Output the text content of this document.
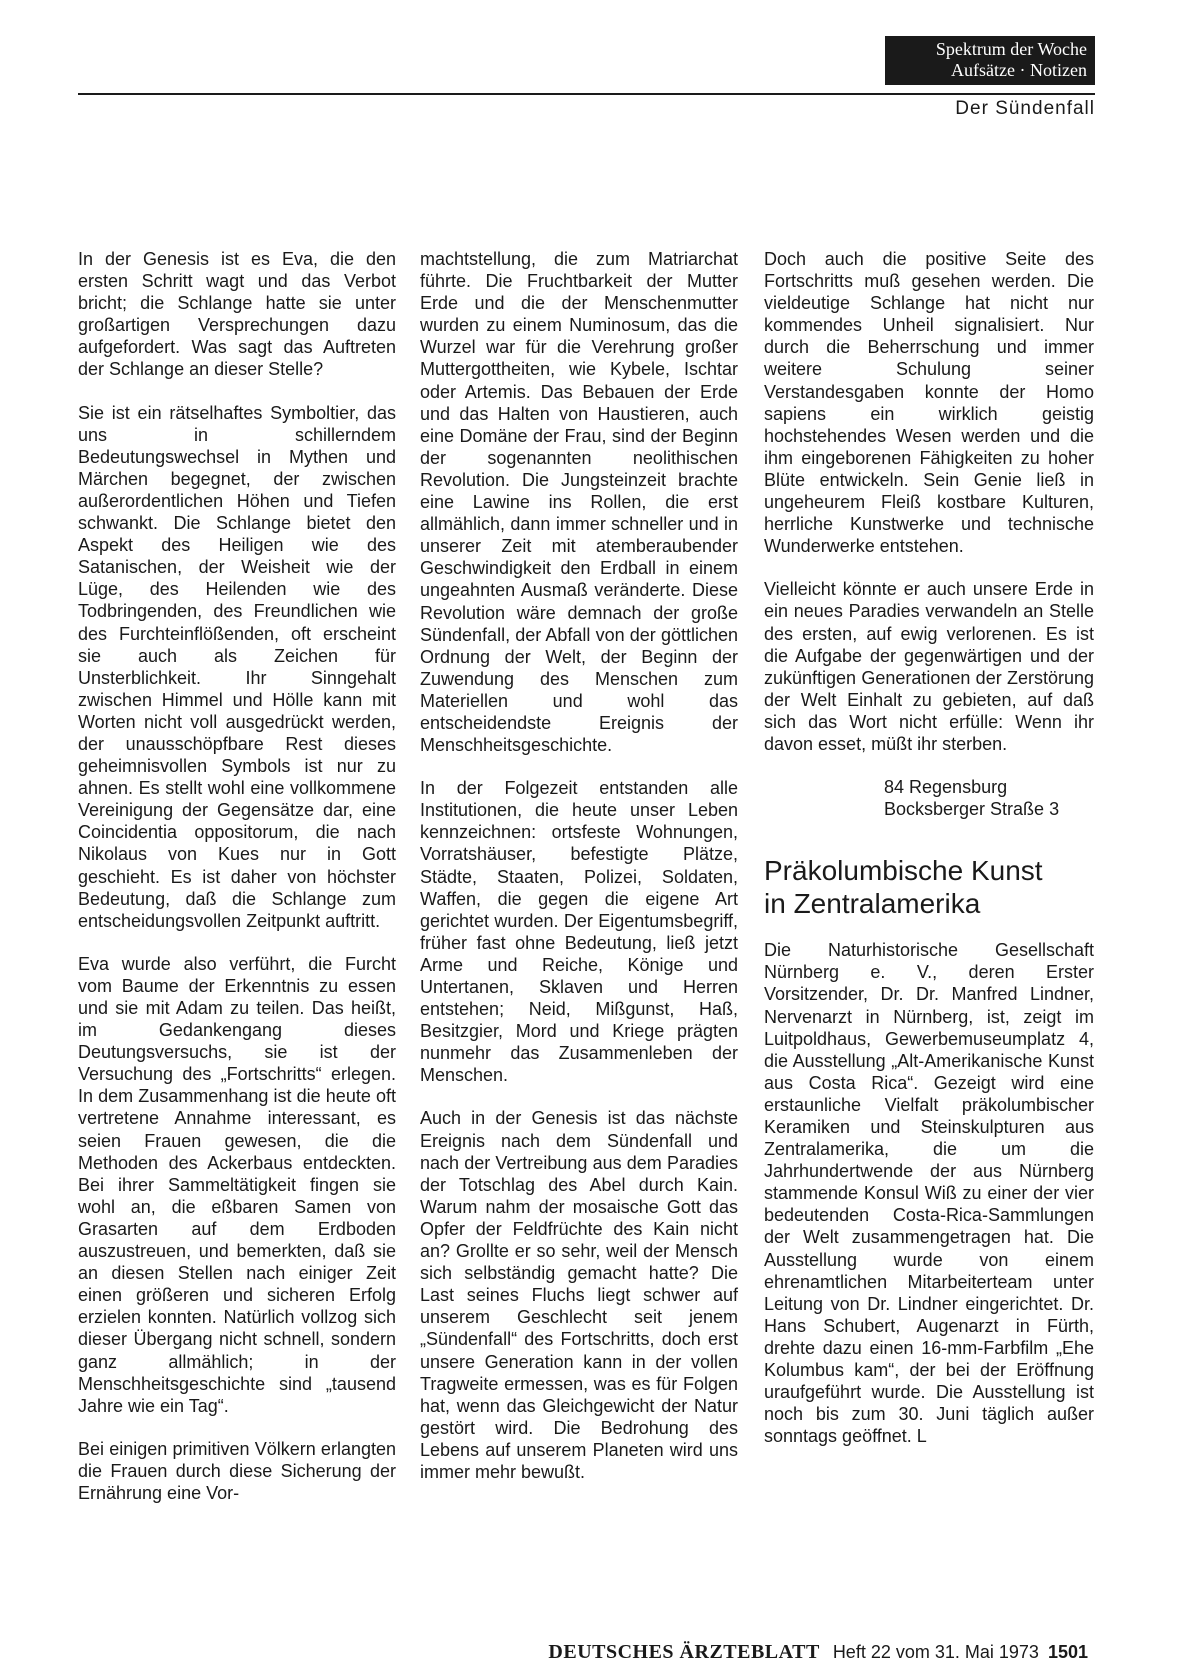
Spektrum der Woche
Aufsätze · Notizen
Der Sündenfall

In der Genesis ist es Eva, die den ersten Schritt wagt und das Verbot bricht; die Schlange hatte sie unter großartigen Versprechungen dazu aufgefordert. Was sagt das Auftreten der Schlange an dieser Stelle?

Sie ist ein rätselhaftes Symboltier, das uns in schillerndem Bedeutungswechsel in Mythen und Märchen begegnet, der zwischen außerordentlichen Höhen und Tiefen schwankt. Die Schlange bietet den Aspekt des Heiligen wie des Satanischen, der Weisheit wie der Lüge, des Heilenden wie des Todbringenden, des Freundlichen wie des Furchteinflößenden, oft erscheint sie auch als Zeichen für Unsterblichkeit. Ihr Sinngehalt zwischen Himmel und Hölle kann mit Worten nicht voll ausgedrückt werden, der unausschöpfbare Rest dieses geheimnisvollen Symbols ist nur zu ahnen. Es stellt wohl eine vollkommene Vereinigung der Gegensätze dar, eine Coincidentia oppositorum, die nach Nikolaus von Kues nur in Gott geschieht. Es ist daher von höchster Bedeutung, daß die Schlange zum entscheidungsvollen Zeitpunkt auftritt.

Eva wurde also verführt, die Furcht vom Baume der Erkenntnis zu essen und sie mit Adam zu teilen. Das heißt, im Gedankengang dieses Deutungsversuchs, sie ist der Versuchung des „Fortschritts“ erlegen. In dem Zusammenhang ist die heute oft vertretene Annahme interessant, es seien Frauen gewesen, die die Methoden des Ackerbaus entdeckten. Bei ihrer Sammeltätigkeit fingen sie wohl an, die eßbaren Samen von Grasarten auf dem Erdboden auszustreuen, und bemerkten, daß sie an diesen Stellen nach einiger Zeit einen größeren und sicheren Erfolg erzielen konnten. Natürlich vollzog sich dieser Übergang nicht schnell, sondern ganz allmählich; in der Menschheitsgeschichte sind „tausend Jahre wie ein Tag“.

Bei einigen primitiven Völkern erlangten die Frauen durch diese Sicherung der Ernährung eine Vor-

machtstellung, die zum Matriarchat führte. Die Fruchtbarkeit der Mutter Erde und die der Menschenmutter wurden zu einem Numinosum, das die Wurzel war für die Verehrung großer Muttergottheiten, wie Kybele, Ischtar oder Artemis. Das Bebauen der Erde und das Halten von Haustieren, auch eine Domäne der Frau, sind der Beginn der sogenannten neolithischen Revolution. Die Jungsteinzeit brachte eine Lawine ins Rollen, die erst allmählich, dann immer schneller und in unserer Zeit mit atemberaubender Geschwindigkeit den Erdball in einem ungeahnten Ausmaß veränderte. Diese Revolution wäre demnach der große Sündenfall, der Abfall von der göttlichen Ordnung der Welt, der Beginn der Zuwendung des Menschen zum Materiellen und wohl das entscheidendste Ereignis der Menschheitsgeschichte.

In der Folgezeit entstanden alle Institutionen, die heute unser Leben kennzeichnen: ortsfeste Wohnungen, Vorratshäuser, befestigte Plätze, Städte, Staaten, Polizei, Soldaten, Waffen, die gegen die eigene Art gerichtet wurden. Der Eigentumsbegriff, früher fast ohne Bedeutung, ließ jetzt Arme und Reiche, Könige und Untertanen, Sklaven und Herren entstehen; Neid, Mißgunst, Haß, Besitzgier, Mord und Kriege prägten nunmehr das Zusammenleben der Menschen.

Auch in der Genesis ist das nächste Ereignis nach dem Sündenfall und nach der Vertreibung aus dem Paradies der Totschlag des Abel durch Kain. Warum nahm der mosaische Gott das Opfer der Feldfrüchte des Kain nicht an? Grollte er so sehr, weil der Mensch sich selbständig gemacht hatte? Die Last seines Fluchs liegt schwer auf unserem Geschlecht seit jenem „Sündenfall“ des Fortschritts, doch erst unsere Generation kann in der vollen Tragweite ermessen, was es für Folgen hat, wenn das Gleichgewicht der Natur gestört wird. Die Bedrohung des Lebens auf unserem Planeten wird uns immer mehr bewußt.

Doch auch die positive Seite des Fortschritts muß gesehen werden. Die vieldeutige Schlange hat nicht nur kommendes Unheil signalisiert. Nur durch die Beherrschung und immer weitere Schulung seiner Verstandesgaben konnte der Homo sapiens ein wirklich geistig hochstehendes Wesen werden und die ihm eingeborenen Fähigkeiten zu hoher Blüte entwickeln. Sein Genie ließ in ungeheurem Fleiß kostbare Kulturen, herrliche Kunstwerke und technische Wunderwerke entstehen.

Vielleicht könnte er auch unsere Erde in ein neues Paradies verwandeln an Stelle des ersten, auf ewig verlorenen. Es ist die Aufgabe der gegenwärtigen und der zukünftigen Generationen der Zerstörung der Welt Einhalt zu gebieten, auf daß sich das Wort nicht erfülle: Wenn ihr davon esset, müßt ihr sterben.

84 Regensburg
Bocksberger Straße 3
Präkolumbische Kunst
in Zentralamerika

Die Naturhistorische Gesellschaft Nürnberg e. V., deren Erster Vorsitzender, Dr. Dr. Manfred Lindner, Nervenarzt in Nürnberg, ist, zeigt im Luitpoldhaus, Gewerbemuseumplatz 4, die Ausstellung „Alt-Amerikanische Kunst aus Costa Rica“. Gezeigt wird eine erstaunliche Vielfalt präkolumbischer Keramiken und Steinskulpturen aus Zentralamerika, die um die Jahrhundertwende der aus Nürnberg stammende Konsul Wiß zu einer der vier bedeutenden Costa-Rica-Sammlungen der Welt zusammengetragen hat. Die Ausstellung wurde von einem ehrenamtlichen Mitarbeiterteam unter Leitung von Dr. Lindner eingerichtet. Dr. Hans Schubert, Augenarzt in Fürth, drehte dazu einen 16-mm-Farbfilm „Ehe Kolumbus kam“, der bei der Eröffnung uraufgeführt wurde. Die Ausstellung ist noch bis zum 30. Juni täglich außer sonntags geöffnet. L

DEUTSCHES ÄRZTEBLATT Heft 22 vom 31. Mai 1973 1501
